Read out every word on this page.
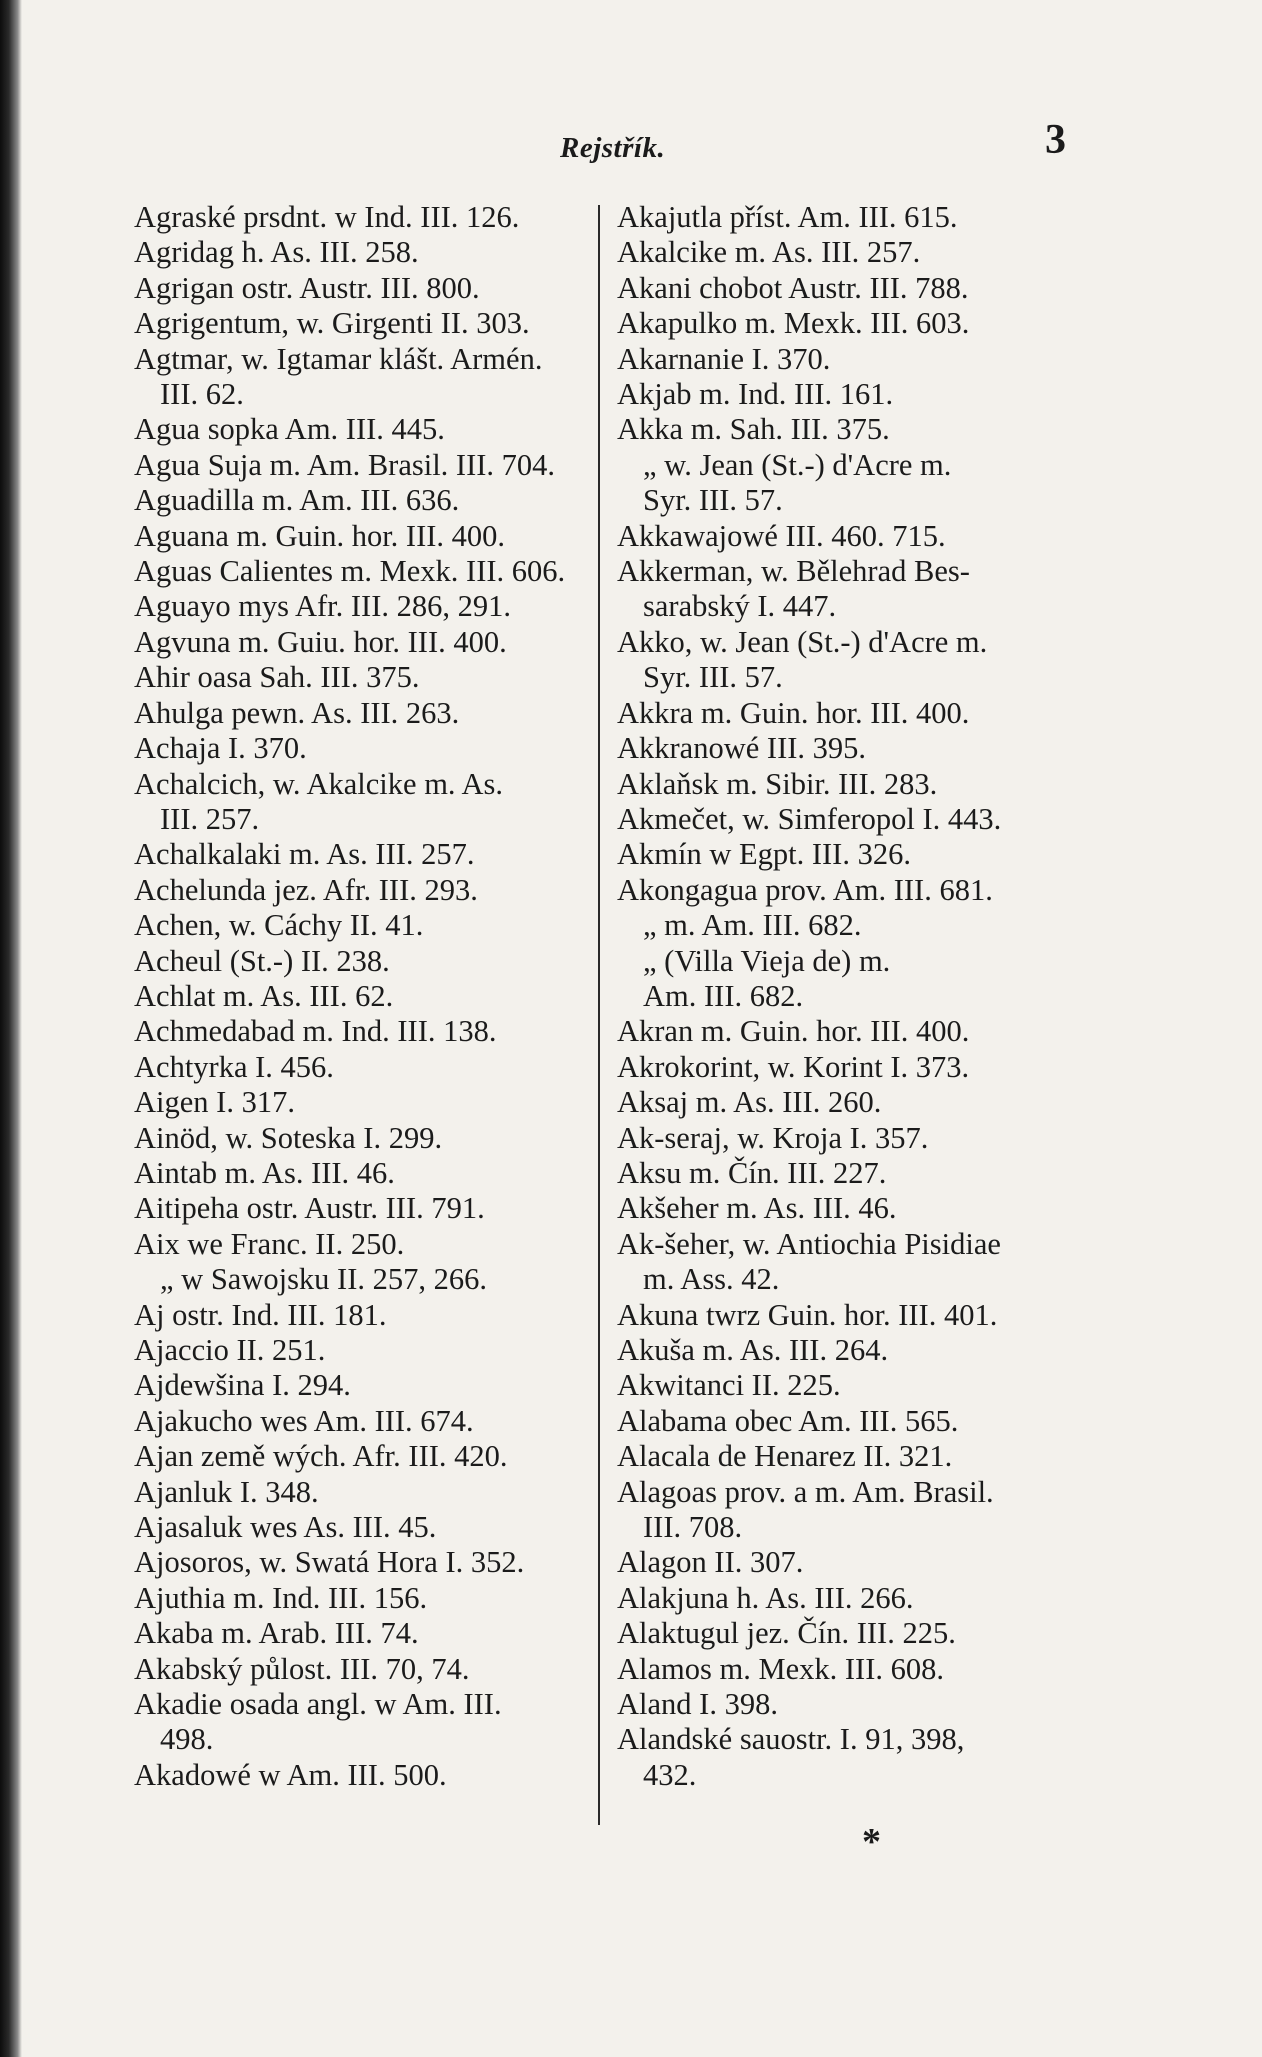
Rejstřík.	3
Agraské prsdnt. w Ind. III. 126.
Agridag h. As. III. 258.
Agrigan ostr. Austr. III. 800.
Agrigentum, w. Girgenti II. 303.
Agtmar, w. Igtamar klášt. Armén.
III. 62.
Agua sopka Am. III. 445.
Agua Suja m. Am. Brasil. III. 704.
Aguadilla m. Am. III. 636.
Aguana m. Guin. hor. III. 400.
Aguas Calientes m. Mexk. III. 606.
Aguayo mys Afr. III. 286, 291.
Agvuna m. Guiu. hor. III. 400.
Ahir oasa Sah. III. 375.
Ahulga pewn. As. III. 263.
Achaja I. 370.
Achalcich, w. Akalcike m. As.
III. 257.
Achalkalaki m. As. III. 257.
Achelunda jez. Afr. III. 293.
Achen, w. Cáchy II. 41.
Acheul (St.-) II. 238.
Achlat m. As. III. 62.
Achmedabad m. Ind. III. 138.
Achtyrka I. 456.
Aigen I. 317.
Ainöd, w. Soteska I. 299.
Aintab m. As. III. 46.
Aitipeha ostr. Austr. III. 791.
Aix we Franc. II. 250.
„ w Sawojsku II. 257, 266.
Aj ostr. Ind. III. 181.
Ajaccio II. 251.
Ajdewšina I. 294.
Ajakucho wes Am. III. 674.
Ajan země wých. Afr. III. 420.
Ajanluk I. 348.
Ajasaluk wes As. III. 45.
Ajosoros, w. Swatá Hora I. 352.
Ajuthia m. Ind. III. 156.
Akaba m. Arab. III. 74.
Akabský půlost. III. 70, 74.
Akadie osada angl. w Am. III.
498.
Akadowé w Am. III. 500.
Akajutla příst. Am. III. 615.
Akalcike m. As. III. 257.
Akani chobot Austr. III. 788.
Akapulko m. Mexk. III. 603.
Akarnanie I. 370.
Akjab m. Ind. III. 161.
Akka m. Sah. III. 375.
„ w. Jean (St.-) d'Acre m.
Syr. III. 57.
Akkawajowé III. 460. 715.
Akkerman, w. Bělehrad Bes-
sarabský I. 447.
Akko, w. Jean (St.-) d'Acre m.
Syr. III. 57.
Akkra m. Guin. hor. III. 400.
Akkranowé III. 395.
Aklaňsk m. Sibir. III. 283.
Akmečet, w. Simferopol I. 443.
Akmín w Egpt. III. 326.
Akongagua prov. Am. III. 681.
„ m. Am. III. 682.
„ (Villa Vieja de) m.
Am. III. 682.
Akran m. Guin. hor. III. 400.
Akrokorint, w. Korint I. 373.
Aksaj m. As. III. 260.
Ak-seraj, w. Kroja I. 357.
Aksu m. Čín. III. 227.
Akšeher m. As. III. 46.
Ak-šeher, w. Antiochia Pisidiae
m. Ass. 42.
Akuna twrz Guin. hor. III. 401.
Akuša m. As. III. 264.
Akwitanci II. 225.
Alabama obec Am. III. 565.
Alacala de Henarez II. 321.
Alagoas prov. a m. Am. Brasil.
III. 708.
Alagon II. 307.
Alakjuna h. As. III. 266.
Alaktugul jez. Čín. III. 225.
Alamos m. Mexk. III. 608.
Aland I. 398.
Alandské sauostr. I. 91, 398,
432.
*
